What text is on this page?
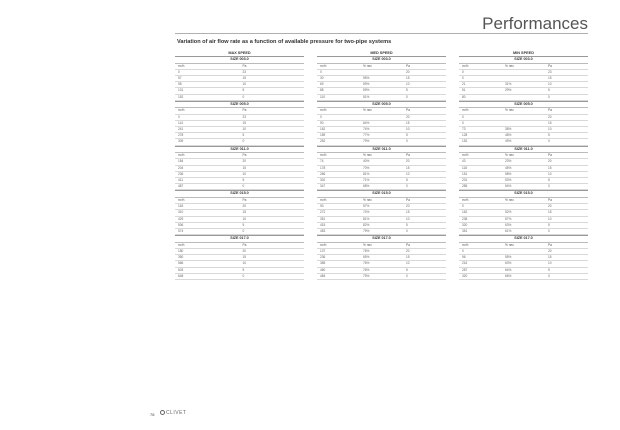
Performances
Variation of air flow rate as a function of available pressure for two-pipe systems
MAX SPEED
SIZE 003.0
m³/h	Pa
0	23
57	15
98	10
131	5
152	0
SIZE 005.0
m³/h	Pa
0	23
141	15
241	10
278	5
309	0
SIZE 011.0
m³/h	Pa
184	20
204	15
236	10
411	5
487	0
SIZE 015.0
m³/h	Pa
163	20
310	15
429	10
506	5
574	0
SIZE 017.0
m³/h	Pa
180	20
350	15
566	10
603	5
648	0
MED SPEED
SIZE 003.0
m³/h	% nec	Pa
0		20
30	55%	15
69	59%	10
88	59%	5
110	51%	0
SIZE 005.0
m³/h	% nec	Pa
0		20
90	64%	15
162	74%	10
189	77%	5
252	79%	0
SIZE 011.0
m³/h	% nec	Pa
74	40%	20
178	70%	15
266	81%	10
302	71%	5
347	68%	0
SIZE 015.0
m³/h	% nec	Pa
93	57%	20
272	74%	15
351	81%	10
415	82%	5
453	79%	0
SIZE 017.0
m³/h	% nec	Pa
137	76%	20
236	65%	15
385	76%	10
460	76%	5
484	75%	0
MIN SPEED
SIZE 003.0
m³/h	% nec	Pa
0		23
0		15
21	31%	10
51	29%	5
80		0
SIZE 005.0
m³/h	% nec	Pa
0		20
0		15
73	38%	10
128	48%	5
152	49%	0
SIZE 011.0
m³/h	% nec	Pa
43	23%	20
118	45%	15
151	58%	10
231	53%	5
285	54%	0
SIZE 015.0
m³/h	% nec	Pa
0		20
162	52%	15
238	57%	10
320	63%	5
351	61%	0
SIZE 017.0
m³/h	% nec	Pa
0		20
96	55%	15
216	63%	10
287	64%	5
320	66%	0
78	CLIVET
